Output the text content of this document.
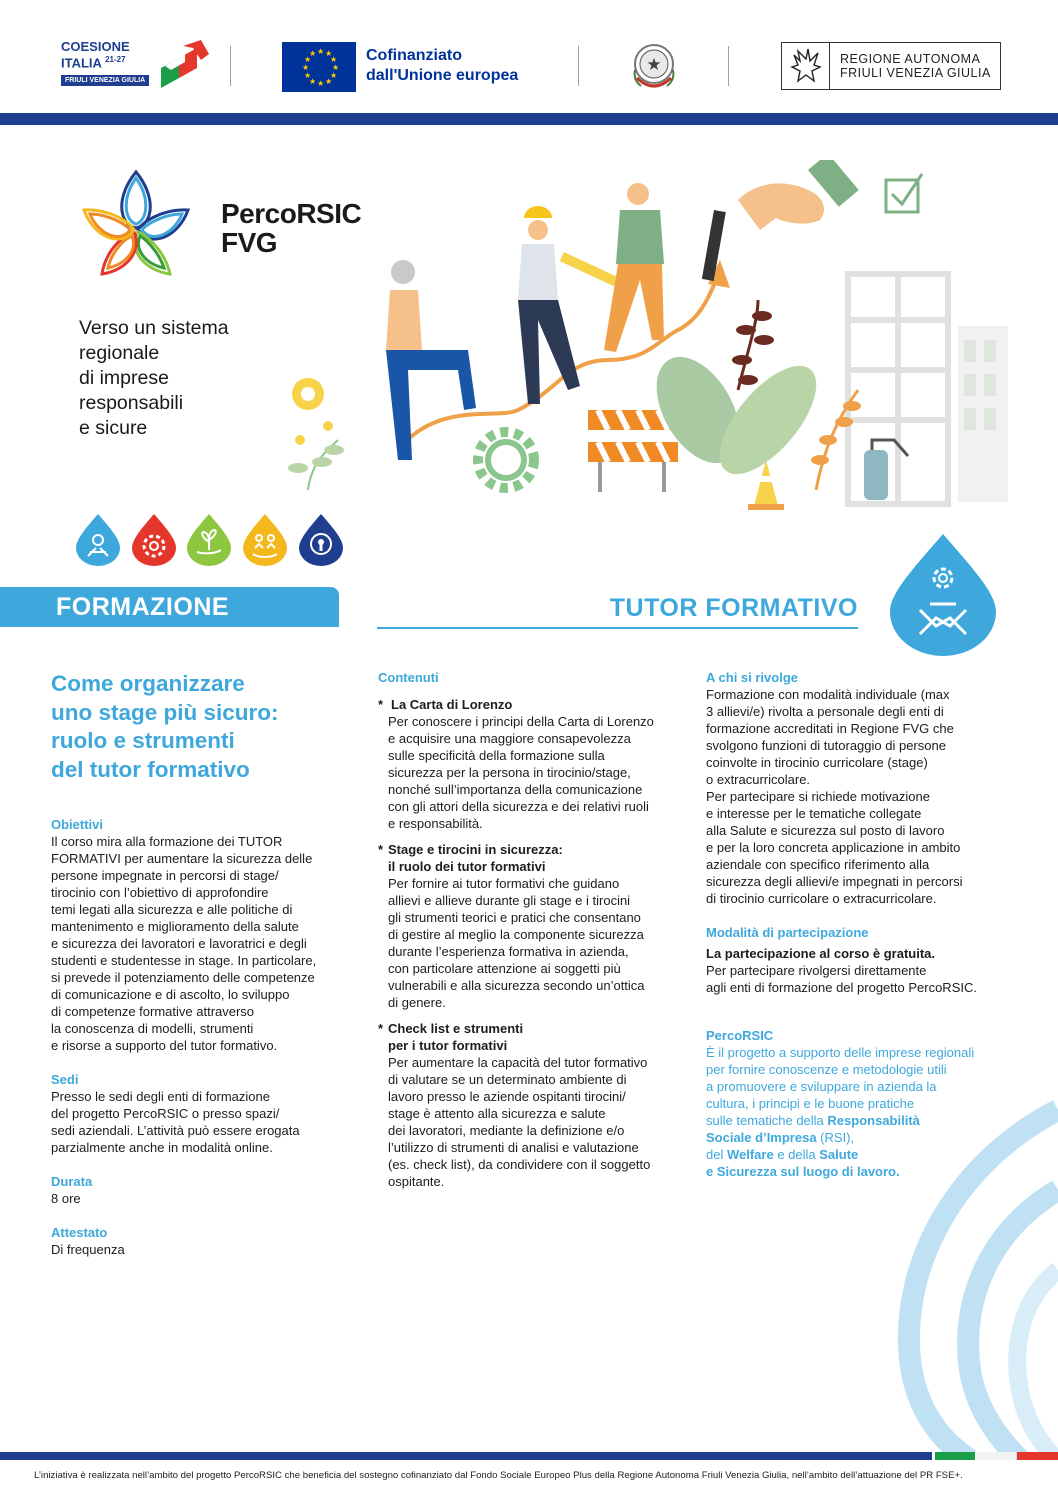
COESIONE
ITALIA $^{21-27}$
FRIULI VENEZIA GIULIA
★ ★
★
★
★
★
★
★
★
★
★
★	Cofinanziato
dall'Unione europea
★	REGIONE AUTONOMA
FRIULI VENEZIA GIULIA
PercoRSIC
FVG
Verso un sistema
regionale
di imprese
responsabili
e sicure
FORMAZIONE	TUTOR FORMATIVO
Come organizzare
uno stage più sicuro:
ruolo e strumenti
del tutor formativo
Obiettivi
Il corso mira alla formazione dei TUTOR
FORMATIVI per aumentare la sicurezza delle
persone impegnate in percorsi di stage/
tirocinio con l’obiettivo di approfondire
temi legati alla sicurezza e alle politiche di
mantenimento e miglioramento della salute
e sicurezza dei lavoratori e lavoratrici e degli
studenti e studentesse in stage. In particolare,
si prevede il potenziamento delle competenze
di comunicazione e di ascolto, lo sviluppo
di competenze formative attraverso
la conoscenza di modelli, strumenti
e risorse a supporto del tutor formativo.
Sedi
Presso le sedi degli enti di formazione
del progetto PercoRSIC o presso spazi/
sedi aziendali. L’attività può essere erogata
parzialmente anche in modalità online.
Durata
8 ore
Attestato
Di frequenza
Contenuti
* La Carta di Lorenzo
Per conoscere i principi della Carta di Lorenzo
e acquisire una maggiore consapevolezza
sulle specificità della formazione sulla
sicurezza per la persona in tirocinio/stage,
nonché sull’importanza della comunicazione
con gli attori della sicurezza e dei relativi ruoli
e responsabilità.
* Stage e tirocini in sicurezza:
il ruolo dei tutor formativi
Per fornire ai tutor formativi che guidano
allievi e allieve durante gli stage e i tirocini
gli strumenti teorici e pratici che consentano
di gestire al meglio la componente sicurezza
durante l’esperienza formativa in azienda,
con particolare attenzione ai soggetti più
vulnerabili e alla sicurezza secondo un’ottica
di genere.
* Check list e strumenti
per i tutor formativi
Per aumentare la capacità del tutor formativo
di valutare se un determinato ambiente di
lavoro presso le aziende ospitanti tirocini/
stage è attento alla sicurezza e salute
dei lavoratori, mediante la definizione e/o
l’utilizzo di strumenti di analisi e valutazione
(es. check list), da condividere con il soggetto
ospitante.
A chi si rivolge
Formazione con modalità individuale (max
3 allievi/e) rivolta a personale degli enti di
formazione accreditati in Regione FVG che
svolgono funzioni di tutoraggio di persone
coinvolte in tirocinio curricolare (stage)
o extracurricolare.
Per partecipare si richiede motivazione
e interesse per le tematiche collegate
alla Salute e sicurezza sul posto di lavoro
e per la loro concreta applicazione in ambito
aziendale con specifico riferimento alla
sicurezza degli allievi/e impegnati in percorsi
di tirocinio curricolare o extracurricolare.
Modalità di partecipazione
La partecipazione al corso è gratuita.
Per partecipare rivolgersi direttamente
agli enti di formazione del progetto PercoRSIC.
PercoRSIC
È il progetto a supporto delle imprese regionali
per fornire conoscenze e metodologie utili
a promuovere e sviluppare in azienda la
cultura, i principi e le buone pratiche
sulle tematiche della Responsabilità
Sociale d’Impresa (RSI),
del Welfare e della Salute
e Sicurezza sul luogo di lavoro.
L’iniziativa è realizzata nell’ambito del progetto PercoRSIC che beneficia del sostegno cofinanziato dal Fondo Sociale Europeo Plus della Regione Autonoma Friuli Venezia Giulia, nell’ambito dell’attuazione del PR FSE+.
